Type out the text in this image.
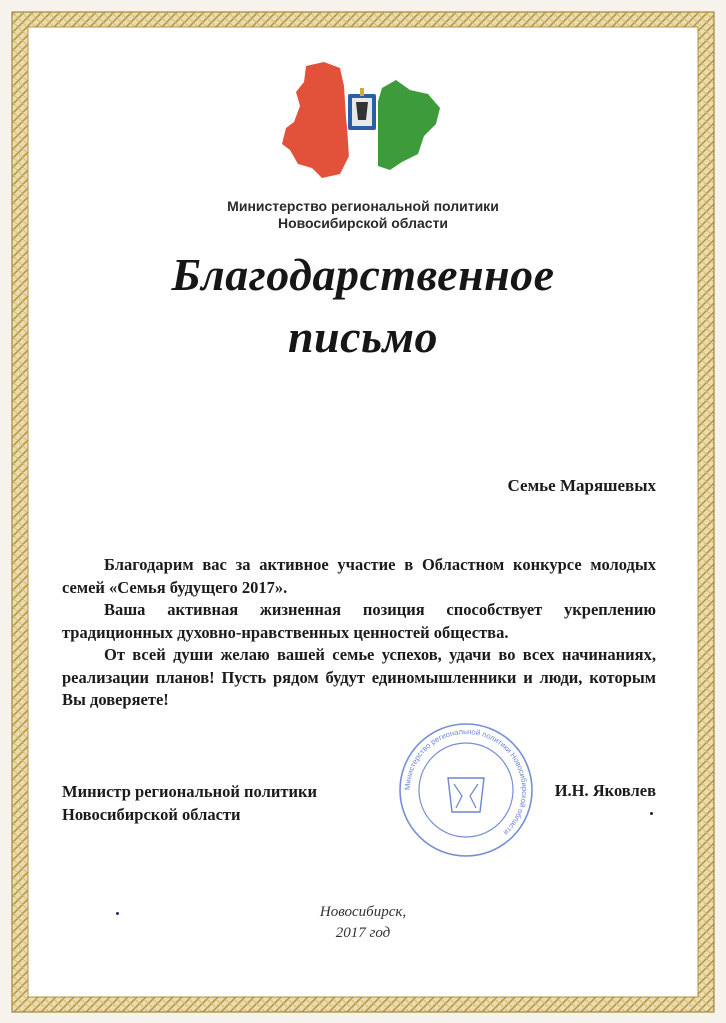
Министерство региональной политики
Новосибирской области
Благодарственное
письмо
Семье Маряшевых

Благодарим вас за активное участие в Областном конкурсе молодых семей «Семья будущего 2017».

Ваша активная жизненная позиция способствует укреплению традиционных духовно-нравственных ценностей общества.

От всей души желаю вашей семье успехов, удачи во всех начинаниях, реализации планов! Пусть рядом будут единомышленники и люди, которым Вы доверяете!

Министерство региональной политики Новосибирской области
Министр региональной политики
Новосибирской области
И.Н. Яковлев
Новосибирск,
2017 год
